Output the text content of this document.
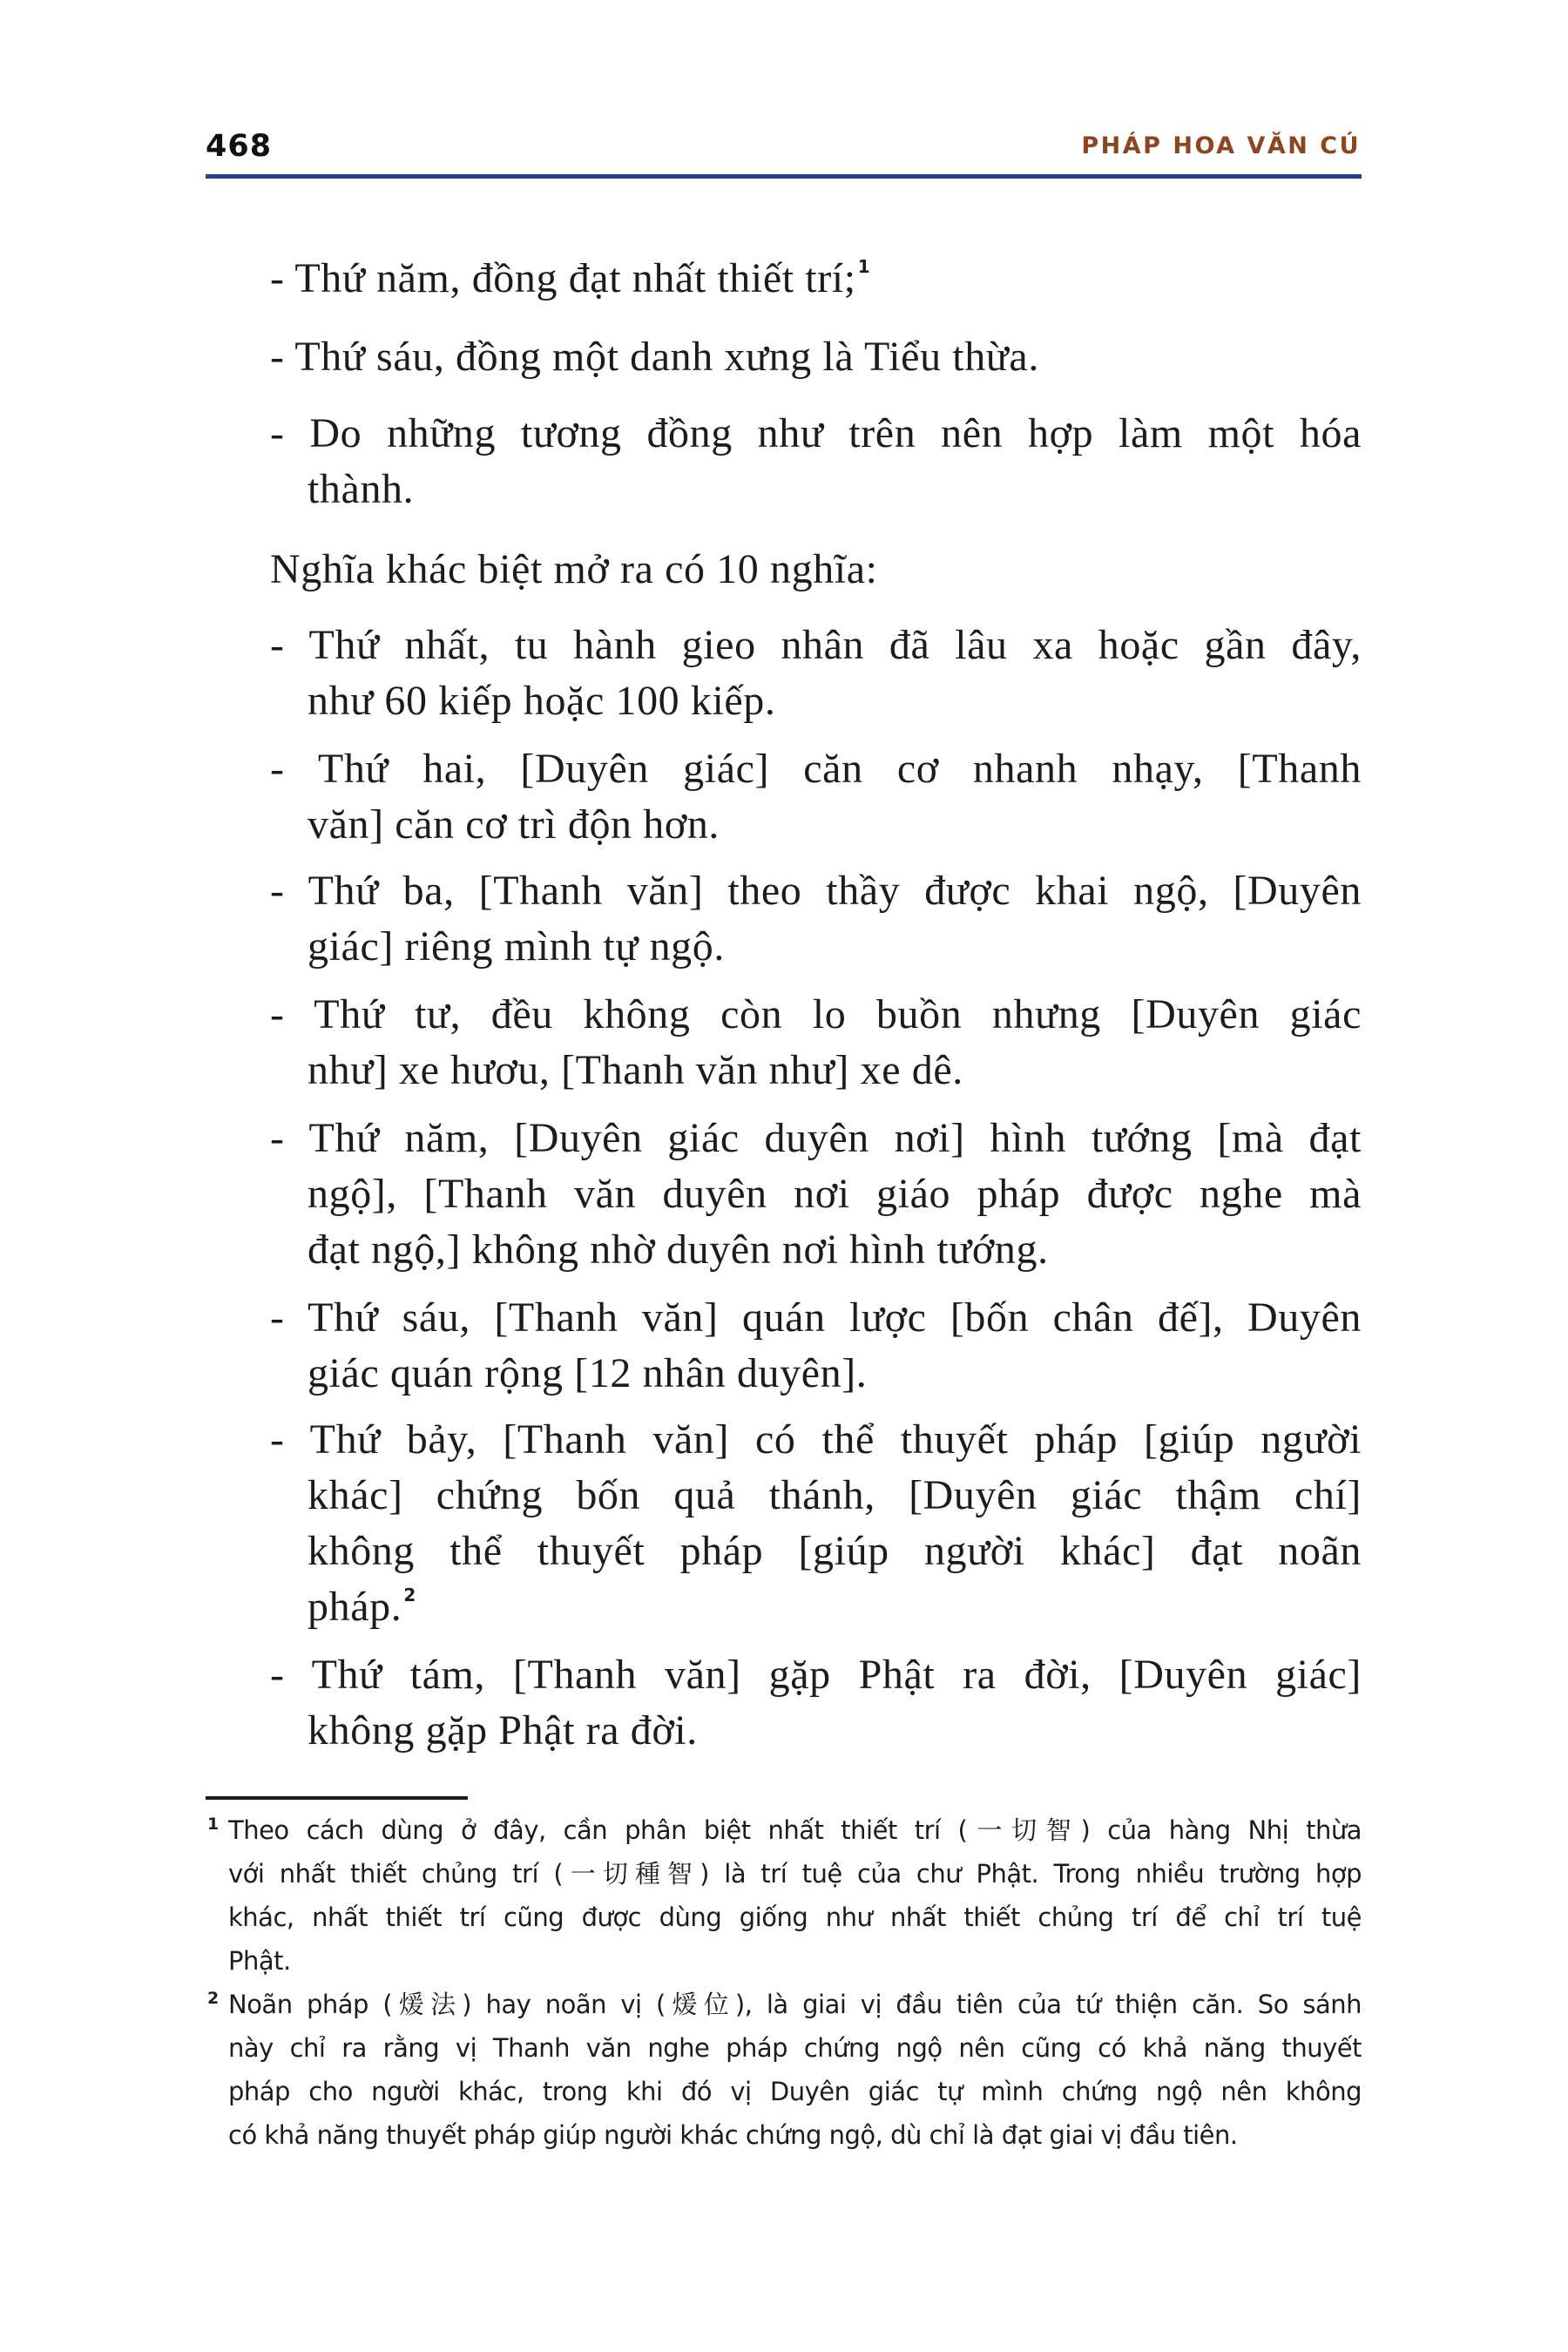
468	PHÁP HOA VĂN CÚ
- Thứ năm, đồng đạt nhất thiết trí; $^1$
- Thứ sáu, đồng một danh xưng là Tiểu thừa.
- Do những tương đồng như trên nên hợp làm một hóa
thành.
Nghĩa khác biệt mở ra có 10 nghĩa:
- Thứ nhất, tu hành gieo nhân đã lâu xa hoặc gần đây,
như 60 kiếp hoặc 100 kiếp.
- Thứ hai, [Duyên giác] căn cơ nhanh nhạy, [Thanh
văn] căn cơ trì độn hơn.
- Thứ ba, [Thanh văn] theo thầy được khai ngộ, [Duyên
giác] riêng mình tự ngộ.
- Thứ tư, đều không còn lo buồn nhưng [Duyên giác
như] xe hươu, [Thanh văn như] xe dê.
- Thứ năm, [Duyên giác duyên nơi] hình tướng [mà đạt
ngộ], [Thanh văn duyên nơi giáo pháp được nghe mà
đạt ngộ,] không nhờ duyên nơi hình tướng.
- Thứ sáu, [Thanh văn] quán lược [bốn chân đế], Duyên
giác quán rộng [12 nhân duyên].
- Thứ bảy, [Thanh văn] có thể thuyết pháp [giúp người
khác] chứng bốn quả thánh, [Duyên giác thậm chí]
không thể thuyết pháp [giúp người khác] đạt noãn
pháp. $^2$
- Thứ tám, [Thanh văn] gặp Phật ra đời, [Duyên giác]
không gặp Phật ra đời.
1 Theo cách dùng ở đây, cần phân biệt nhất thiết trí (一切智) của hàng Nhị thừa
với nhất thiết chủng trí (一切種智) là trí tuệ của chư Phật. Trong nhiều trường hợp
khác, nhất thiết trí cũng được dùng giống như nhất thiết chủng trí để chỉ trí tuệ
Phật.
2 Noãn pháp (煖法) hay noãn vị (煖位), là giai vị đầu tiên của tứ thiện căn. So sánh
này chỉ ra rằng vị Thanh văn nghe pháp chứng ngộ nên cũng có khả năng thuyết
pháp cho người khác, trong khi đó vị Duyên giác tự mình chứng ngộ nên không
có khả năng thuyết pháp giúp người khác chứng ngộ, dù chỉ là đạt giai vị đầu tiên.
